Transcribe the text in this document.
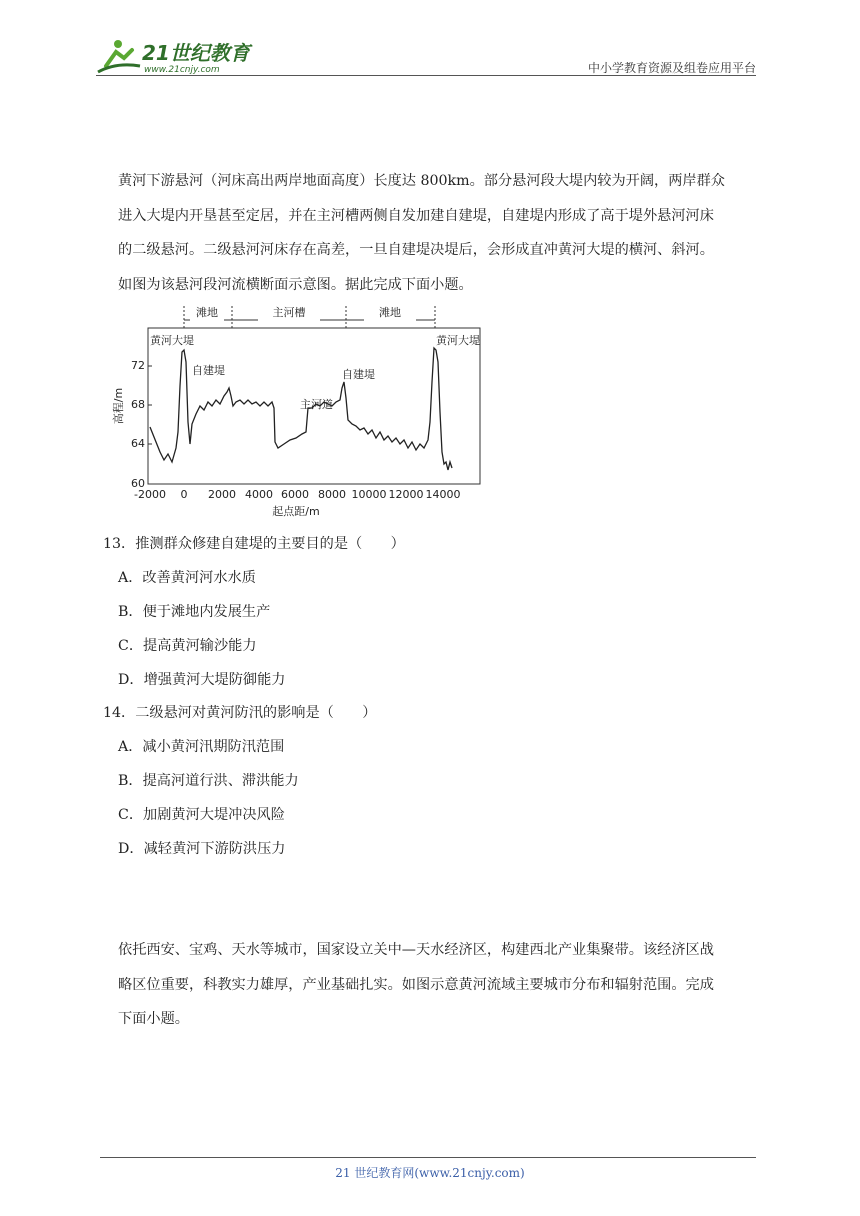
21世纪教育
www.21cnjy.com	中小学教育资源及组卷应用平台

黄河下游悬河（河床高出两岸地面高度）长度达 800km。部分悬河段大堤内较为开阔，两岸群众

进入大堤内开垦甚至定居，并在主河槽两侧自发加建自建堤，自建堤内形成了高于堤外悬河河床

的二级悬河。二级悬河河床存在高差，一旦自建堤决堤后，会形成直冲黄河大堤的横河、斜河。

如图为该悬河段河流横断面示意图。据此完成下面小题。

滩地	主河槽	滩地
60
64
68
72
高程/m
-2000 0 2000 4000 6000 8000 10000 12000 14000
起点距/m
黄河大堤	黄河大堤
自建堤	自建堤
主河道
13．推测群众修建自建堤的主要目的是（　　）
A．改善黄河河水水质
B．便于滩地内发展生产
C．提高黄河输沙能力
D．增强黄河大堤防御能力
14．二级悬河对黄河防汛的影响是（　　）
A．减小黄河汛期防汛范围
B．提高河道行洪、滞洪能力
C．加剧黄河大堤冲决风险
D．减轻黄河下游防洪压力

依托西安、宝鸡、天水等城市，国家设立关中—天水经济区，构建西北产业集聚带。该经济区战

略区位重要，科教实力雄厚，产业基础扎实。如图示意黄河流域主要城市分布和辐射范围。完成

下面小题。

21 世纪教育网(www.21cnjy.com)
